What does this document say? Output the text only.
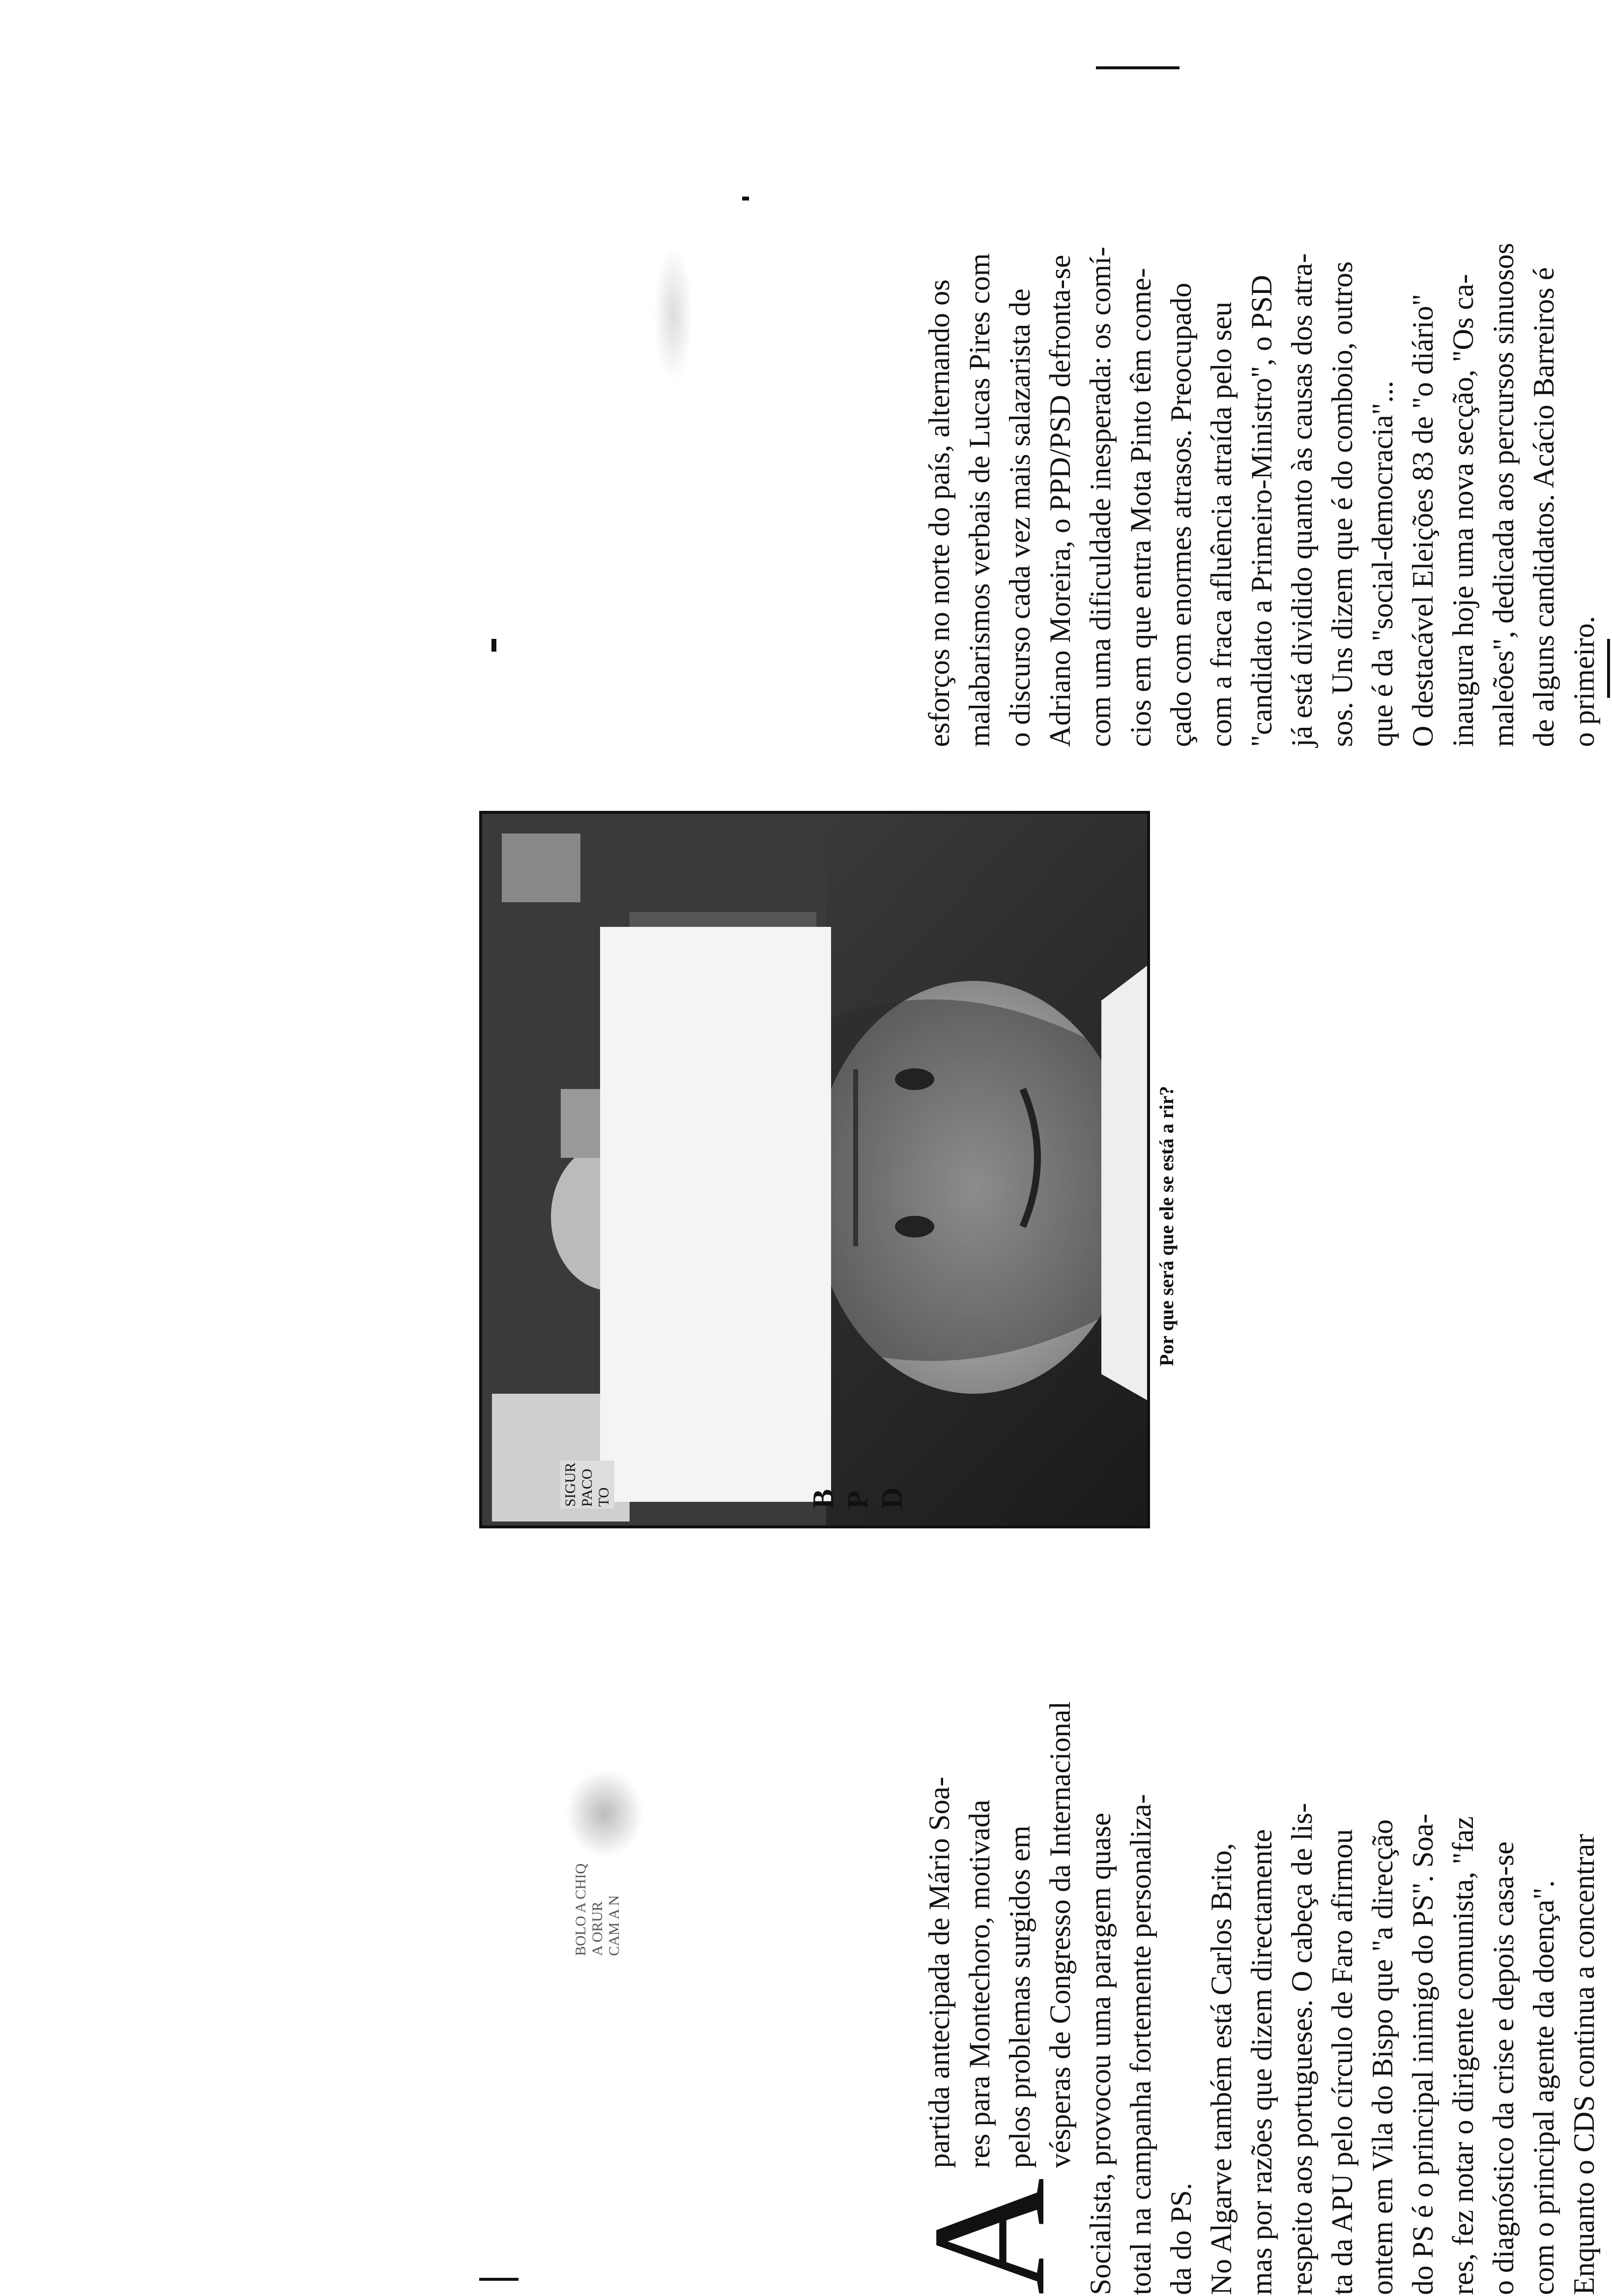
BOLO A CHIQ A ORUR CAM A N
A
partida antecipada de Mário Soa- res para Montechoro, motivada pelos problemas surgidos em vésperas de Congresso da Internacional Socialista, provocou uma paragem quase total na campanha fortemente personaliza- da do PS. No Algarve também está Carlos Brito, mas por razões que dizem directamente respeito aos portugueses. O cabeça de lis- ta da APU pelo círculo de Faro afirmou ontem em Vila do Bispo que "a direcção do PS é o principal inimigo do PS". Soa- res, fez notar o dirigente comunista, "faz o diagnóstico da crise e depois casa-se com o principal agente da doença". Enquanto o CDS continua a concentrar
esforços no norte do país, alternando os malabarismos verbais de Lucas Pires com o discurso cada vez mais salazarista de Adriano Moreira, o PPD/PSD defronta-se com uma dificuldade inesperada: os comí- cios em que entra Mota Pinto têm come- çado com enormes atrasos. Preocupado com a fraca afluência atraída pelo seu "candidato a Primeiro-Ministro", o PSD já está dividido quanto às causas dos atra- sos. Uns dizem que é do comboio, outros que é da "social-democracia"... O destacável Eleições 83 de "o diário" inaugura hoje uma nova secção, "Os ca- maleões", dedicada aos percursos sinuosos de alguns candidatos. Acácio Barreiros é o primeiro.
B P D
SIGUR PACO TO
Por que será que ele se está a rir?
